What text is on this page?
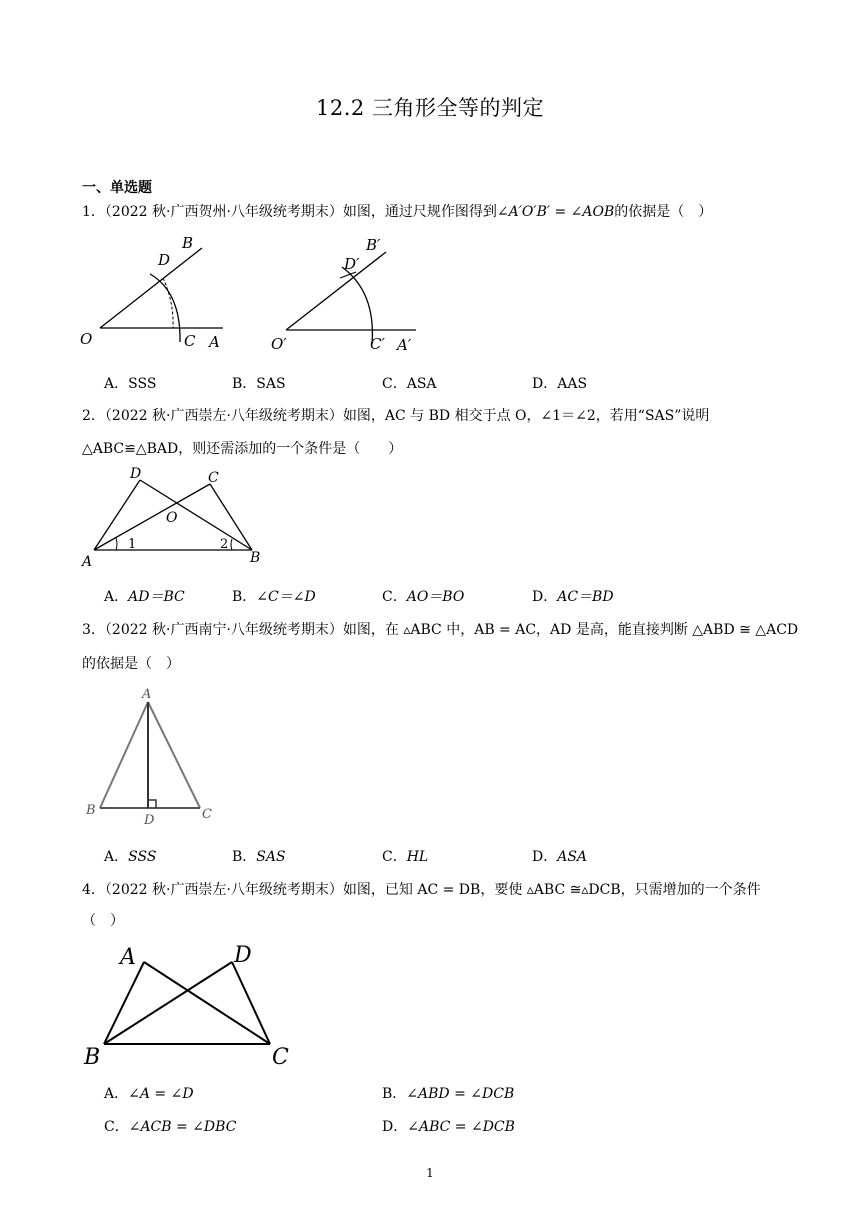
12.2 三角形全等的判定
一、单选题
1．（2022 秋·广西贺州·八年级统考期末）如图，通过尺规作图得到∠A′O′B′ = ∠AOB的依据是（　）
O	A
B
C
D
O′	A′
B′
C′
D′
A．SSS	B．SAS	C．ASA	D．AAS
2．（2022 秋·广西崇左·八年级统考期末）如图，AC 与 BD 相交于点 O，∠1＝∠2，若用“SAS”说明
△ABC≌△BAD，则还需添加的一个条件是（　　）
A	B
C
D
O
1	2
A．AD＝BC	B．∠C＝∠D	C．AO＝BO	D．AC＝BD
3．（2022 秋·广西南宁·八年级统考期末）如图，在 ▵ABC 中，AB = AC，AD 是高，能直接判断 △ABD ≅ △ACD
的依据是（　）
A
B	C
D
A．SSS	B．SAS	C．HL	D．ASA
4．（2022 秋·广西崇左·八年级统考期末）如图，已知 AC = DB，要使 ▵ABC ≅▵DCB，只需增加的一个条件
（　）
A	D
B	C
A．∠A = ∠D	B．∠ABD = ∠DCB
C．∠ACB = ∠DBC	D．∠ABC = ∠DCB
1
